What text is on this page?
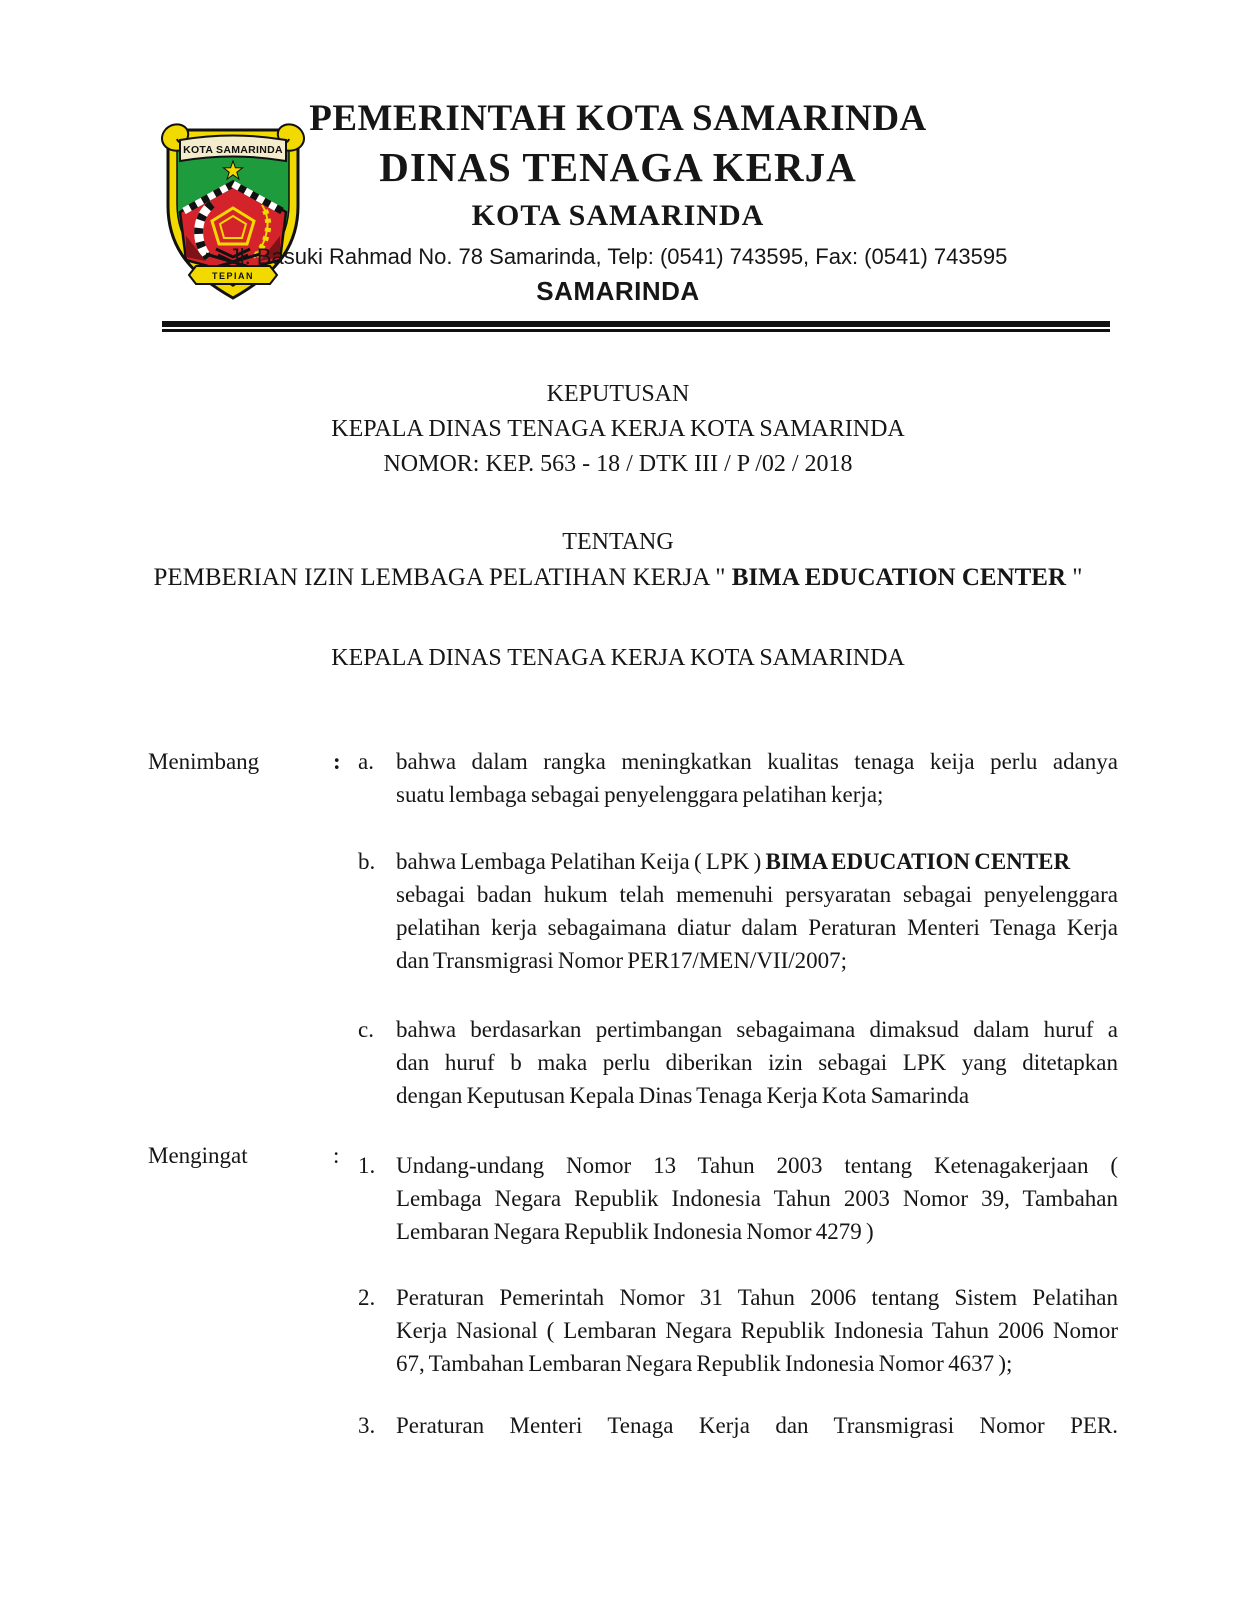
KOTA SAMARINDA
TEPIAN
PEMERINTAH KOTA SAMARINDA
DINAS TENAGA KERJA
KOTA SAMARINDA
Jl. Basuki Rahmad No. 78 Samarinda, Telp: (0541) 743595, Fax: (0541) 743595
SAMARINDA
KEPUTUSAN
KEPALA DINAS TENAGA KERJA KOTA SAMARINDA
NOMOR: KEP. 563 - 18 / DTK III / P /02 / 2018
TENTANG
PEMBERIAN IZIN LEMBAGA PELATIHAN KERJA " BIMA EDUCATION CENTER "
KEPALA DINAS TENAGA KERJA KOTA SAMARINDA
Menimbang	: a. bahwa dalam rangka meningkatkan kualitas tenaga keija perlu adanya
suatu lembaga sebagai penyelenggara pelatihan kerja;
b. bahwa Lembaga Pelatihan Keija ( LPK ) BIMA EDUCATION CENTER
sebagai badan hukum telah memenuhi persyaratan sebagai penyelenggara
pelatihan kerja sebagaimana diatur dalam Peraturan Menteri Tenaga Kerja
dan Transmigrasi Nomor PER17/MEN/VII/2007;
c. bahwa berdasarkan pertimbangan sebagaimana dimaksud dalam huruf a
dan huruf b maka perlu diberikan izin sebagai LPK yang ditetapkan
dengan Keputusan Kepala Dinas Tenaga Kerja Kota Samarinda
Mengingat	: 1. Undang-undang Nomor 13 Tahun 2003 tentang Ketenagakerjaan (
Lembaga Negara Republik Indonesia Tahun 2003 Nomor 39, Tambahan
Lembaran Negara Republik Indonesia Nomor 4279 )
2. Peraturan Pemerintah Nomor 31 Tahun 2006 tentang Sistem Pelatihan
Kerja Nasional ( Lembaran Negara Republik Indonesia Tahun 2006 Nomor
67, Tambahan Lembaran Negara Republik Indonesia Nomor 4637 );
3. Peraturan Menteri Tenaga Kerja dan Transmigrasi Nomor PER.
